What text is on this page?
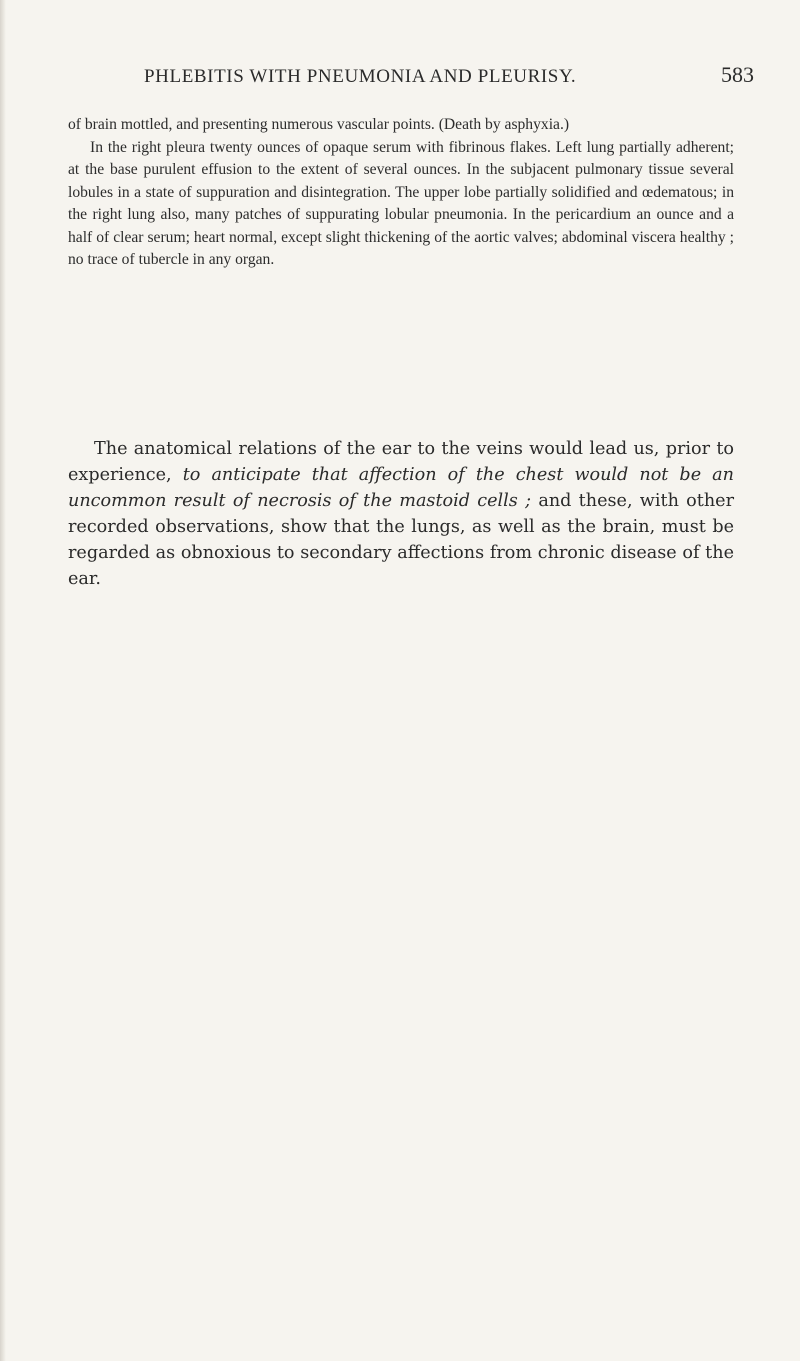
PHLEBITIS WITH PNEUMONIA AND PLEURISY.	583

of brain mottled, and presenting numerous vascular points. (Death by asphyxia.)

In the right pleura twenty ounces of opaque serum with fibrinous flakes. Left lung partially adherent; at the base purulent effusion to the extent of several ounces. In the subjacent pulmonary tissue several lobules in a state of suppuration and disintegration. The upper lobe partially solidified and œdematous; in the right lung also, many patches of suppurating lobular pneumonia. In the pericardium an ounce and a half of clear serum; heart normal, except slight thickening of the aortic valves; abdominal viscera healthy ; no trace of tubercle in any organ.

The anatomical relations of the ear to the veins would lead us, prior to experience, to anticipate that affection of the chest would not be an uncommon result of necrosis of the mastoid cells ; and these, with other recorded observations, show that the lungs, as well as the brain, must be regarded as obnoxious to secondary affections from chronic disease of the ear.
